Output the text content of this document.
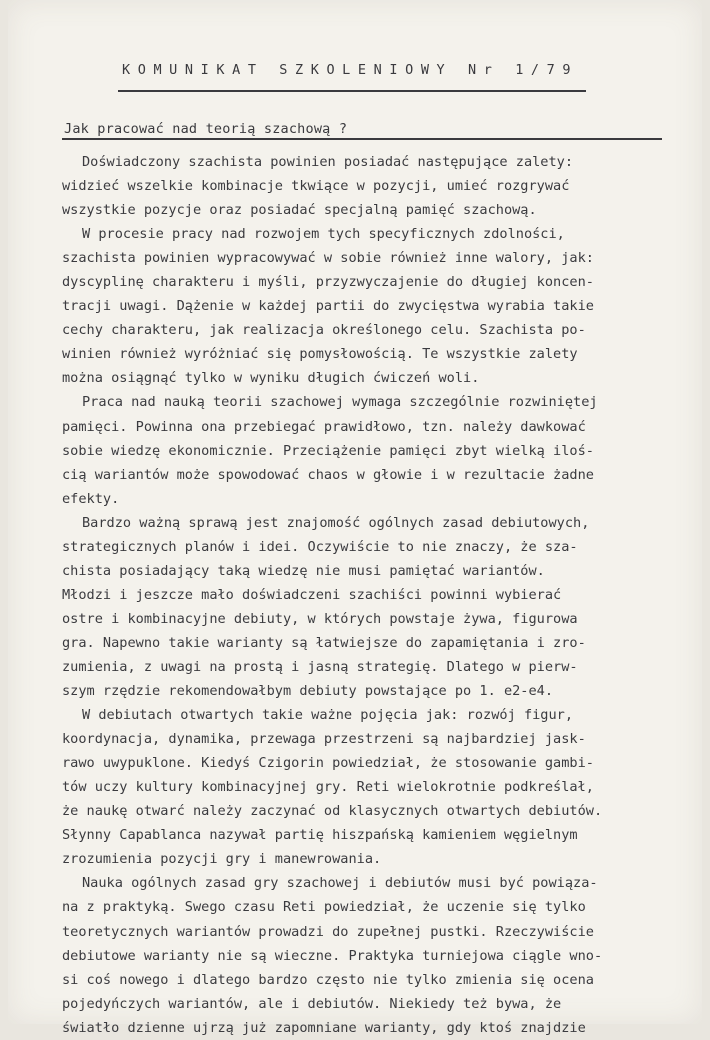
KOMUNIKAT SZKOLENIOWY Nr 1/79
Jak pracować nad teorią szachową ?
Doświadczony szachista powinien posiadać następujące zalety:
widzieć wszelkie kombinacje tkwiące w pozycji, umieć rozgrywać
wszystkie pozycje oraz posiadać specjalną pamięć szachową.
W procesie pracy nad rozwojem tych specyficznych zdolności,
szachista powinien wypracowywać w sobie również inne walory, jak:
dyscyplinę charakteru i myśli, przyzwyczajenie do długiej koncen-
tracji uwagi. Dążenie w każdej partii do zwycięstwa wyrabia takie
cechy charakteru, jak realizacja określonego celu. Szachista po-
winien również wyróżniać się pomysłowością. Te wszystkie zalety
można osiągnąć tylko w wyniku długich ćwiczeń woli.
Praca nad nauką teorii szachowej wymaga szczególnie rozwiniętej
pamięci. Powinna ona przebiegać prawidłowo, tzn. należy dawkować
sobie wiedzę ekonomicznie. Przeciążenie pamięci zbyt wielką iloś-
cią wariantów może spowodować chaos w głowie i w rezultacie żadne
efekty.
Bardzo ważną sprawą jest znajomość ogólnych zasad debiutowych,
strategicznych planów i idei. Oczywiście to nie znaczy, że sza-
chista posiadający taką wiedzę nie musi pamiętać wariantów.
Młodzi i jeszcze mało doświadczeni szachiści powinni wybierać
ostre i kombinacyjne debiuty, w których powstaje żywa, figurowa
gra. Napewno takie warianty są łatwiejsze do zapamiętania i zro-
zumienia, z uwagi na prostą i jasną strategię. Dlatego w pierw-
szym rzędzie rekomendowałbym debiuty powstające po 1. e2-e4.
W debiutach otwartych takie ważne pojęcia jak: rozwój figur,
koordynacja, dynamika, przewaga przestrzeni są najbardziej jask-
rawo uwypuklone. Kiedyś Czigorin powiedział, że stosowanie gambi-
tów uczy kultury kombinacyjnej gry. Reti wielokrotnie podkreślał,
że naukę otwarć należy zaczynać od klasycznych otwartych debiutów.
Słynny Capablanca nazywał partię hiszpańską kamieniem węgielnym
zrozumienia pozycji gry i manewrowania.
Nauka ogólnych zasad gry szachowej i debiutów musi być powiąza-
na z praktyką. Swego czasu Reti powiedział, że uczenie się tylko
teoretycznych wariantów prowadzi do zupełnej pustki. Rzeczywiście
debiutowe warianty nie są wieczne. Praktyka turniejowa ciągle wno-
si coś nowego i dlatego bardzo często nie tylko zmienia się ocena
pojedyńczych wariantów, ale i debiutów. Niekiedy też bywa, że
światło dzienne ujrzą już zapomniane warianty, gdy ktoś znajdzie
